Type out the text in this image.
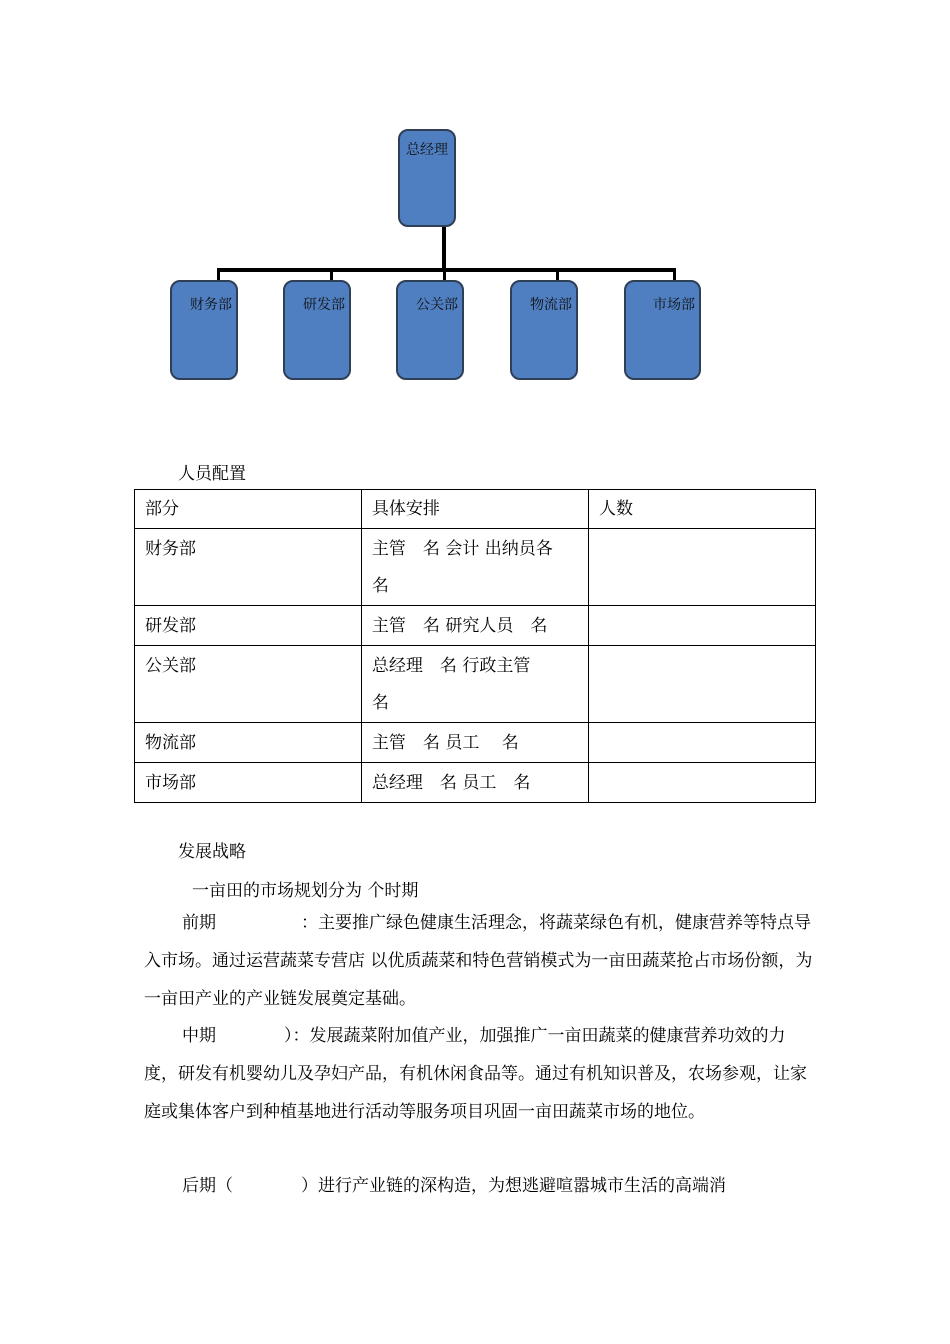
总经理
财务部	研发部	公关部	物流部	市场部
人员配置
部分	具体安排	人数
财务部	主管　名 会计 出纳员各　名	
研发部	主管　名 研究人员　名	
公关部	总经理　名 行政主管　　名	
物流部	主管　名 员工　 名	
市场部	总经理　名 员工　名	
发展战略
一亩田的市场规划分为 个时期
前期　　　　　：主要推广绿色健康生活理念，将蔬菜绿色有机，健康营养等特点导入市场。通过运营蔬菜专营店 以优质蔬菜和特色营销模式为一亩田蔬菜抢占市场份额，为一亩田产业的产业链发展奠定基础。
中期　　　　）：发展蔬菜附加值产业，加强推广一亩田蔬菜的健康营养功效的力度，研发有机婴幼儿及孕妇产品，有机休闲食品等。通过有机知识普及，农场参观，让家庭或集体客户到种植基地进行活动等服务项目巩固一亩田蔬菜市场的地位。
后期（　　　　）进行产业链的深构造，为想逃避喧嚣城市生活的高端消
